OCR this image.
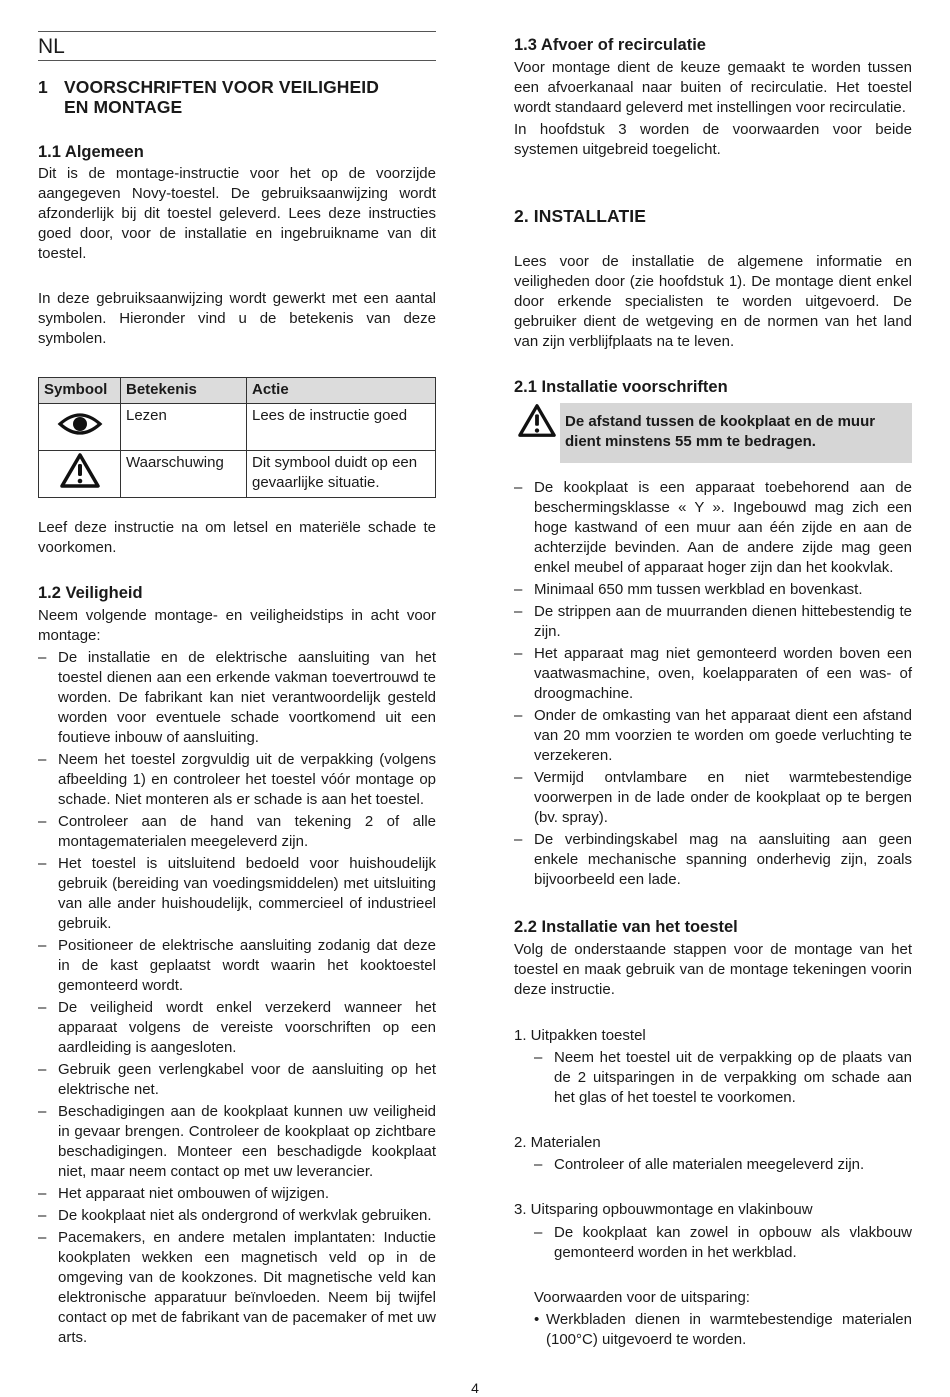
NL
1 VOORSCHRIFTEN VOOR VEILIGHEID
EN MONTAGE
1.1 Algemeen
Dit is de montage-instructie voor het op de voorzijde aangegeven Novy-toestel. De gebruiksaanwijzing wordt afzonderlijk bij dit toestel geleverd. Lees deze instructies goed door, voor de installatie en ingebruikname van dit toestel.
In deze gebruiksaanwijzing wordt gewerkt met een aantal symbolen. Hieronder vind u de betekenis van deze symbolen.
Symbool	Betekenis	Actie
	Lezen	Lees de instructie goed
	Waarschuwing	Dit symbool duidt op een gevaarlijke situatie.
Leef deze instructie na om letsel en materiële schade te voorkomen.
1.2 Veiligheid
Neem volgende montage- en veiligheidstips in acht voor montage:
– De installatie en de elektrische aansluiting van het toestel dienen aan een erkende vakman toevertrouwd te worden. De fabrikant kan niet verantwoordelijk gesteld worden voor eventuele schade voortkomend uit een foutieve inbouw of aansluiting.
– Neem het toestel zorgvuldig uit de verpakking (volgens afbeelding 1) en controleer het toestel vóór montage op schade. Niet monteren als er schade is aan het toestel.
– Controleer aan de hand van tekening 2 of alle montagematerialen meegeleverd zijn.
– Het toestel is uitsluitend bedoeld voor huishoudelijk gebruik (bereiding van voedingsmiddelen) met uitsluiting van alle ander huishoudelijk, commercieel of industrieel gebruik.
– Positioneer de elektrische aansluiting zodanig dat deze in de kast geplaatst wordt waarin het kooktoestel gemonteerd wordt.
– De veiligheid wordt enkel verzekerd wanneer het apparaat volgens de vereiste voorschriften op een aardleiding is aangesloten.
– Gebruik geen verlengkabel voor de aansluiting op het elektrische net.
– Beschadigingen aan de kookplaat kunnen uw veiligheid in gevaar brengen. Controleer de kookplaat op zichtbare beschadigingen. Monteer een beschadigde kookplaat niet, maar neem contact op met uw leverancier.
– Het apparaat niet ombouwen of wijzigen.
– De kookplaat niet als ondergrond of werkvlak gebruiken.
– Pacemakers, en andere metalen implantaten: Inductie kookplaten wekken een magnetisch veld op in de omgeving van de kookzones. Dit magnetische veld kan elektronische apparatuur beïnvloeden. Neem bij twijfel contact op met de fabrikant van de pacemaker of met uw arts.
1.3 Afvoer of recirculatie
Voor montage dient de keuze gemaakt te worden tussen een afvoerkanaal naar buiten of recirculatie. Het toestel wordt standaard geleverd met instellingen voor recirculatie.
In hoofdstuk 3 worden de voorwaarden voor beide systemen uitgebreid toegelicht.
2. INSTALLATIE
Lees voor de installatie de algemene informatie en veiligheden door (zie hoofdstuk 1). De montage dient enkel door erkende specialisten te worden uitgevoerd. De gebruiker dient de wetgeving en de normen van het land van zijn verblijfplaats na te leven.
2.1 Installatie voorschriften
De afstand tussen de kookplaat en de muur dient minstens 55 mm te bedragen.
– De kookplaat is een apparaat toebehorend aan de beschermingsklasse « Y ». Ingebouwd mag zich een hoge kastwand of een muur aan één zijde en aan de achterzijde bevinden. Aan de andere zijde mag geen enkel meubel of apparaat hoger zijn dan het kookvlak.
– Minimaal 650 mm tussen werkblad en bovenkast.
– De strippen aan de muurranden dienen hittebestendig te zijn.
– Het apparaat mag niet gemonteerd worden boven een vaatwasmachine, oven, koelapparaten of een was- of droogmachine.
– Onder de omkasting van het apparaat dient een afstand van 20 mm voorzien te worden om goede verluchting te verzekeren.
– Vermijd ontvlambare en niet warmtebestendige voorwerpen in de lade onder de kookplaat op te bergen (bv. spray).
– De verbindingskabel mag na aansluiting aan geen enkele mechanische spanning onderhevig zijn, zoals bijvoorbeeld een lade.
2.2 Installatie van het toestel
Volg de onderstaande stappen voor de montage van het toestel en maak gebruik van de montage tekeningen voorin deze instructie.
1. Uitpakken toestel
– Neem het toestel uit de verpakking op de plaats van de 2 uitsparingen in de verpakking om schade aan het glas of het toestel te voorkomen.
2. Materialen
– Controleer of alle materialen meegeleverd zijn.
3. Uitsparing opbouwmontage en vlakinbouw
– De kookplaat kan zowel in opbouw als vlakbouw gemonteerd worden in het werkblad.
Voorwaarden voor de uitsparing:
• Werkbladen dienen in warmtebestendige materialen (100°C) uitgevoerd te worden.
4
